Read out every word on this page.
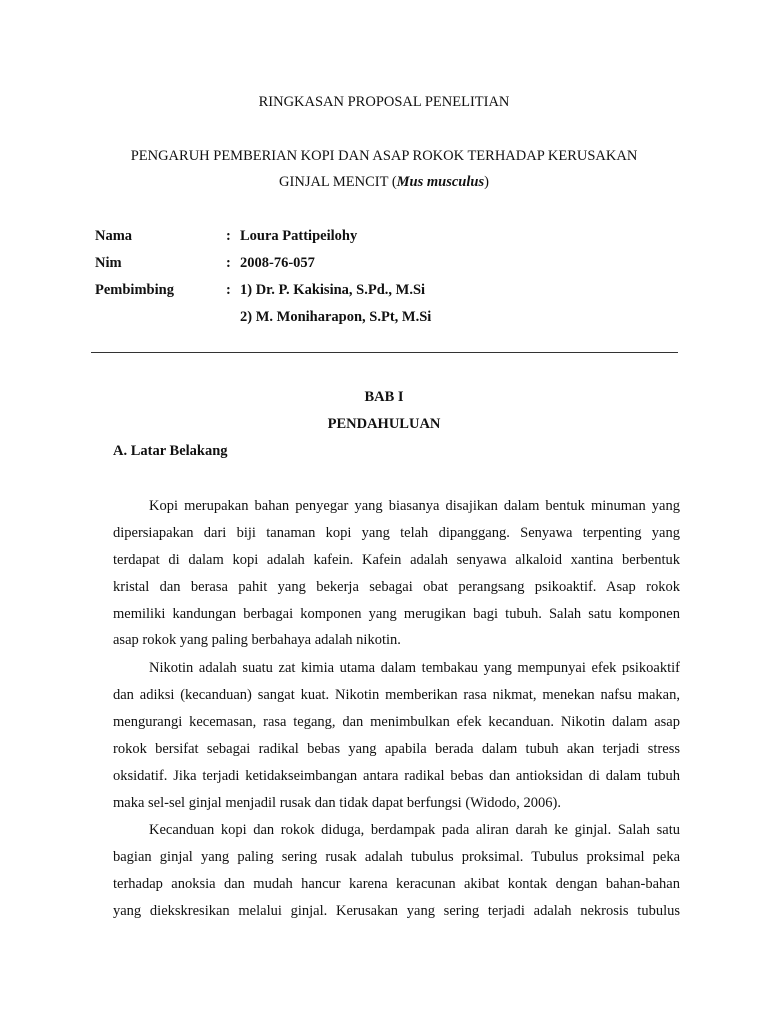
RINGKASAN PROPOSAL PENELITIAN
PENGARUH PEMBERIAN KOPI DAN ASAP ROKOK TERHADAP KERUSAKAN
GINJAL MENCIT (Mus musculus)
Nama	: Loura Pattipeilohy
Nim	: 2008-76-057
Pembimbing	: 1) Dr. P. Kakisina, S.Pd., M.Si
2) M. Moniharapon, S.Pt, M.Si
BAB I
PENDAHULUAN
A. Latar Belakang
Kopi merupakan bahan penyegar yang biasanya disajikan dalam bentuk minuman yang
dipersiapakan dari biji tanaman kopi yang telah dipanggang. Senyawa terpenting yang
terdapat di dalam kopi adalah kafein. Kafein adalah senyawa alkaloid xantina berbentuk
kristal dan berasa pahit yang bekerja sebagai obat perangsang psikoaktif. Asap rokok
memiliki kandungan berbagai komponen yang merugikan bagi tubuh. Salah satu komponen
asap rokok yang paling berbahaya adalah nikotin.
Nikotin adalah suatu zat kimia utama dalam tembakau yang mempunyai efek psikoaktif
dan adiksi (kecanduan) sangat kuat. Nikotin memberikan rasa nikmat, menekan nafsu makan,
mengurangi kecemasan, rasa tegang, dan menimbulkan efek kecanduan. Nikotin dalam asap
rokok bersifat sebagai radikal bebas yang apabila berada dalam tubuh akan terjadi stress
oksidatif. Jika terjadi ketidakseimbangan antara radikal bebas dan antioksidan di dalam tubuh
maka sel-sel ginjal menjadil rusak dan tidak dapat berfungsi (Widodo, 2006).
Kecanduan kopi dan rokok diduga, berdampak pada aliran darah ke ginjal. Salah satu
bagian ginjal yang paling sering rusak adalah tubulus proksimal. Tubulus proksimal peka
terhadap anoksia dan mudah hancur karena keracunan akibat kontak dengan bahan-bahan
yang diekskresikan melalui ginjal. Kerusakan yang sering terjadi adalah nekrosis tubulus
